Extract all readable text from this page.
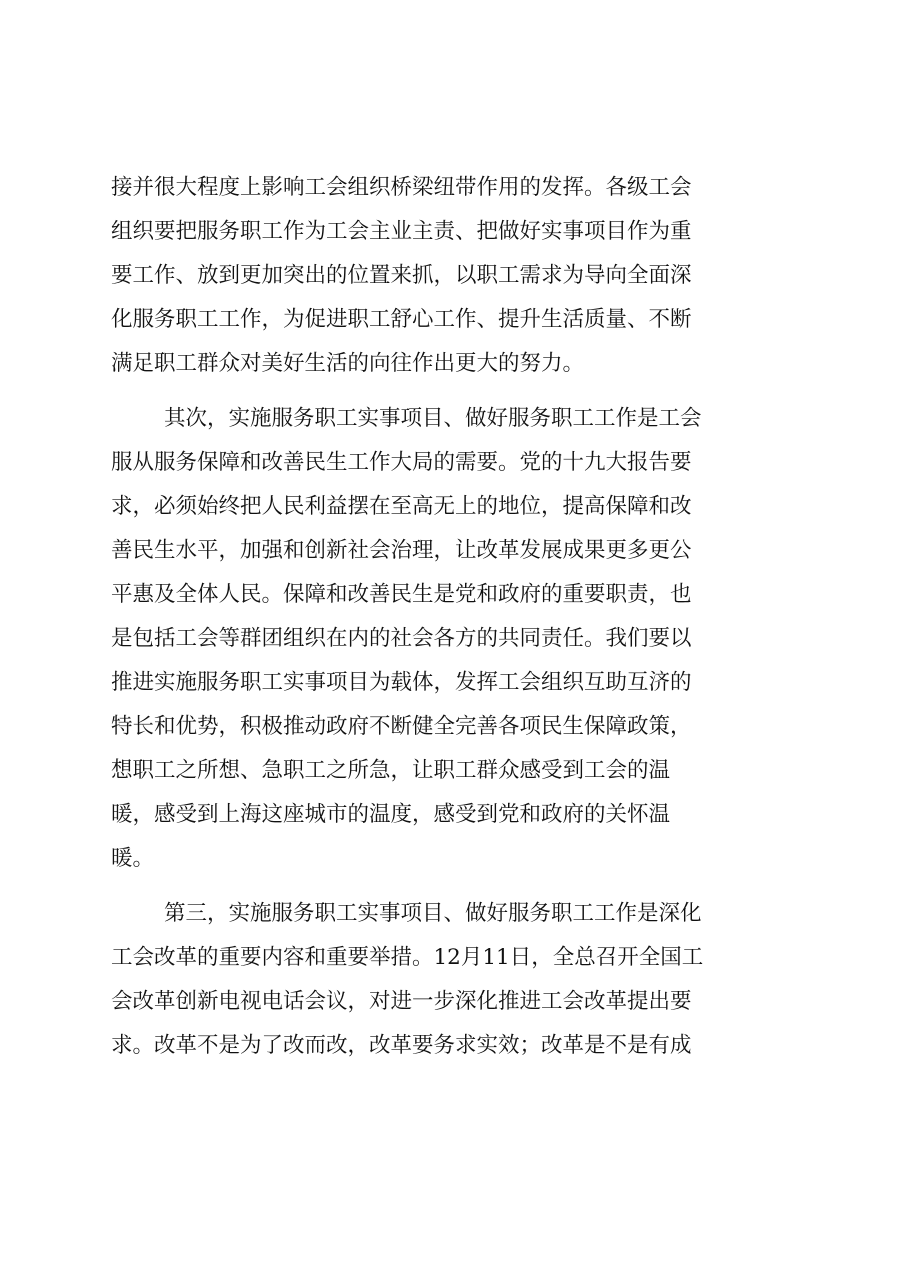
接并很大程度上影响工会组织桥梁纽带作用的发挥。各级工会
组织要把服务职工作为工会主业主责、把做好实事项目作为重
要工作、放到更加突出的位置来抓，以职工需求为导向全面深
化服务职工工作，为促进职工舒心工作、提升生活质量、不断
满足职工群众对美好生活的向往作出更大的努力。
其次，实施服务职工实事项目、做好服务职工工作是工会
服从服务保障和改善民生工作大局的需要。党的十九大报告要
求，必须始终把人民利益摆在至高无上的地位，提高保障和改
善民生水平，加强和创新社会治理，让改革发展成果更多更公
平惠及全体人民。保障和改善民生是党和政府的重要职责，也
是包括工会等群团组织在内的社会各方的共同责任。我们要以
推进实施服务职工实事项目为载体，发挥工会组织互助互济的
特长和优势，积极推动政府不断健全完善各项民生保障政策，
想职工之所想、急职工之所急，让职工群众感受到工会的温
暖，感受到上海这座城市的温度，感受到党和政府的关怀温
暖。
第三，实施服务职工实事项目、做好服务职工工作是深化
工会改革的重要内容和重要举措。12月11日，全总召开全国工
会改革创新电视电话会议，对进一步深化推进工会改革提出要
求。改革不是为了改而改，改革要务求实效；改革是不是有成
